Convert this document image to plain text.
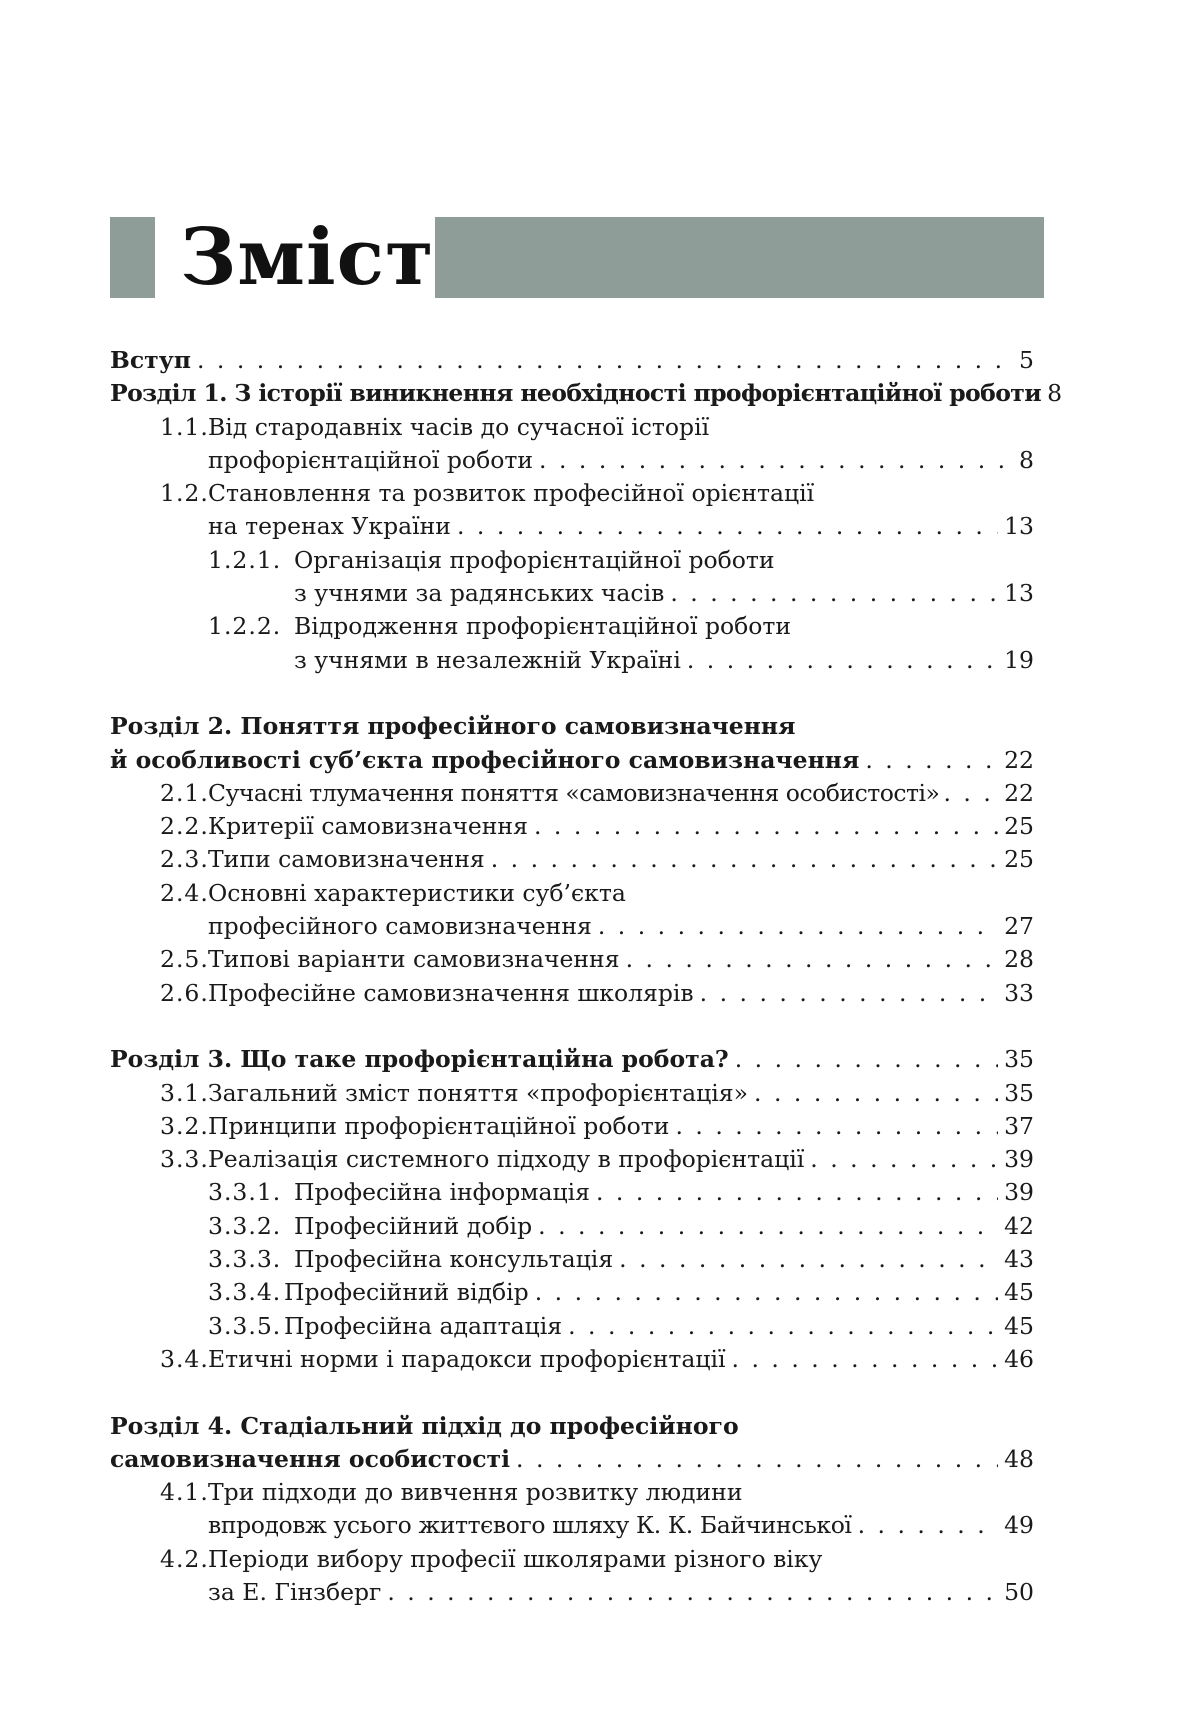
Зміст
Вступ . . .	5
Розділ 1. З історії виникнення необхідності профорієнтаційної роботи . . . 8
1.1. Від стародавніх часів до сучасної історії
профорієнтаційної роботи . . .	8
1.2. Становлення та розвиток професійної орієнтації
на теренах України . . .	13
1.2.1. Організація профорієнтаційної роботи
з учнями за радянських часів . . .	13
1.2.2. Відродження профорієнтаційної роботи
з учнями в незалежній Україні . . .	19
Розділ 2. Поняття професійного самовизначення
й особливості суб’єкта професійного самовизначення . . .	22
2.1. Сучасні тлумачення поняття «самовизначення особистості» . . .	22
2.2. Критерії самовизначення . . .	25
2.3. Типи самовизначення . . .	25
2.4. Основні характеристики суб’єкта
професійного самовизначення . . .	27
2.5. Типові варіанти самовизначення . . .	28
2.6. Професійне самовизначення школярів . . .	33
Розділ 3. Що таке профорієнтаційна робота? . . .	35
3.1. Загальний зміст поняття «профорієнтація» . . .	35
3.2. Принципи профорієнтаційної роботи . . .	37
3.3. Реалізація системного підходу в профорієнтації . . .	39
3.3.1. Професійна інформація . . .	39
3.3.2. Професійний добір . . .	42
3.3.3. Професійна консультація . . .	43
3.3.4. Професійний відбір . . .	45
3.3.5. Професійна адаптація . . .	45
3.4. Етичні норми і парадокси профорієнтації . . .	46
Розділ 4. Стадіальний підхід до професійного
самовизначення особистості . . .	48
4.1. Три підходи до вивчення розвитку людини
впродовж усього життєвого шляху К. К. Байчинської . . .	49
4.2. Періоди вибору професії школярами різного віку
за Е. Гінзберг . . .	50
